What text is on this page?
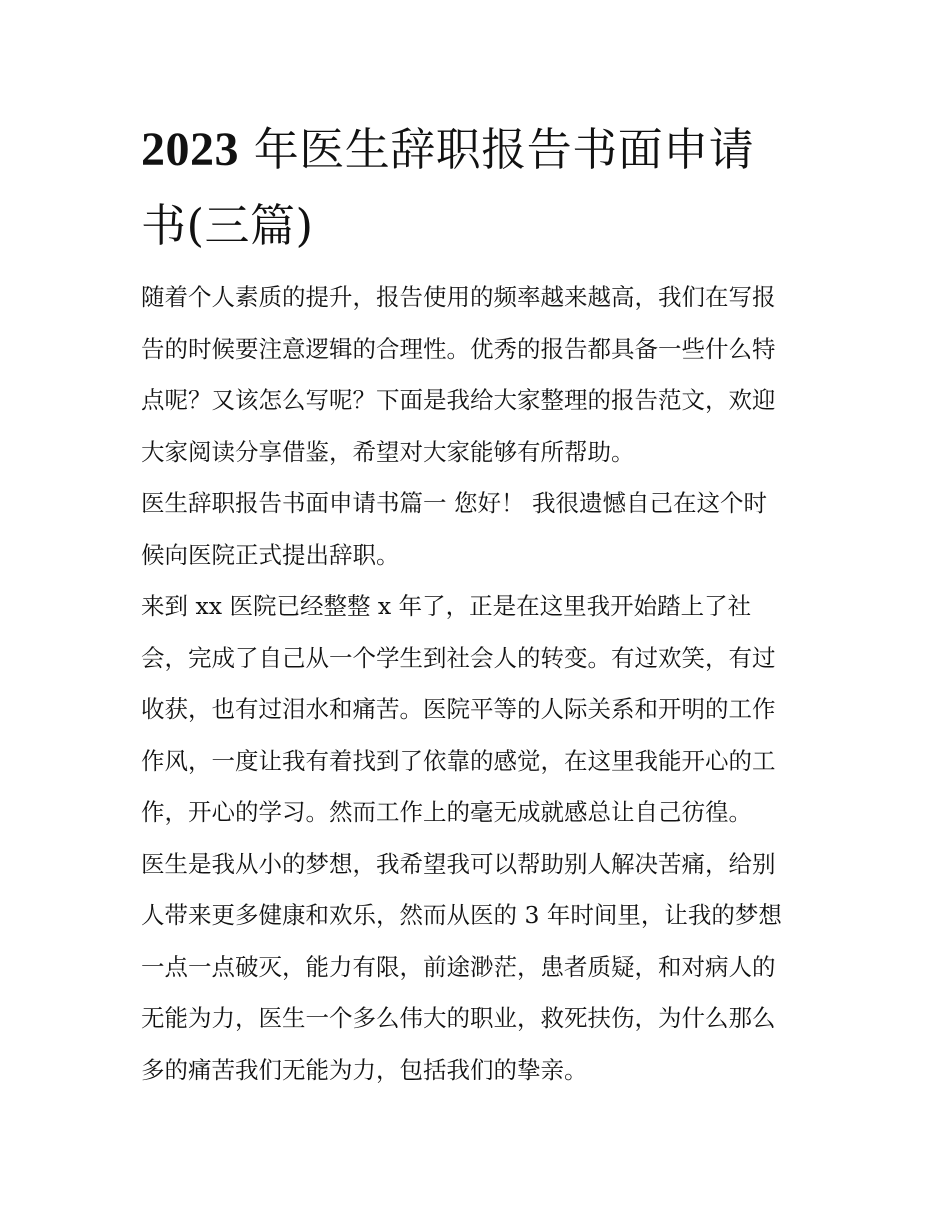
2023 年医生辞职报告书面申请
书(三篇)
随着个人素质的提升，报告使用的频率越来越高，我们在写报
告的时候要注意逻辑的合理性。优秀的报告都具备一些什么特
点呢？又该怎么写呢？下面是我给大家整理的报告范文，欢迎
大家阅读分享借鉴，希望对大家能够有所帮助。
医生辞职报告书面申请书篇一 您好！ 我很遗憾自己在这个时
候向医院正式提出辞职。
来到 xx 医院已经整整 x 年了，正是在这里我开始踏上了社
会，完成了自己从一个学生到社会人的转变。有过欢笑，有过
收获，也有过泪水和痛苦。医院平等的人际关系和开明的工作
作风，一度让我有着找到了依靠的感觉，在这里我能开心的工
作，开心的学习。然而工作上的毫无成就感总让自己彷徨。
医生是我从小的梦想，我希望我可以帮助别人解决苦痛，给别
人带来更多健康和欢乐，然而从医的 3 年时间里，让我的梦想
一点一点破灭，能力有限，前途渺茫，患者质疑，和对病人的
无能为力，医生一个多么伟大的职业，救死扶伤，为什么那么
多的痛苦我们无能为力，包括我们的挚亲。
